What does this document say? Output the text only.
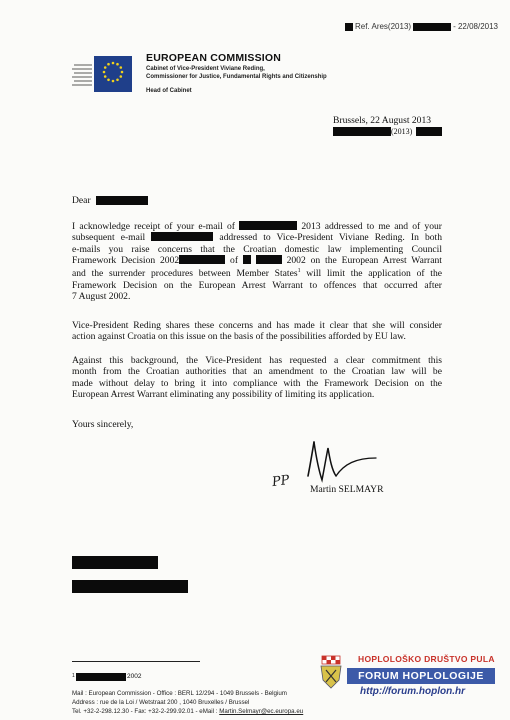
Ref. Ares(2013)	- 22/08/2013
EUROPEAN COMMISSION
Cabinet of Vice-President Viviane Reding,
Commissioner for Justice, Fundamental Rights and Citizenship
Head of Cabinet
Brussels, 22 August 2013
(2013)
Dear
I acknowledge receipt of your e-mail of	2013 addressed to me and of your
subsequent e-mail	addressed to Vice-President Viviane Reding. In both
e-mails you raise concerns that the Croatian domestic law implementing Council
Framework Decision 2002	of	2002 on the European Arrest Warrant
and the surrender procedures between Member States$^1$ will limit the application of the
Framework Decision on the European Arrest Warrant to offences that occurred after
7 August 2002.
Vice-President Reding shares these concerns and has made it clear that she will consider
action against Croatia on this issue on the basis of the possibilities afforded by EU law.
Against this background, the Vice-President has requested a clear commitment this
month from the Croatian authorities that an amendment to the Croatian law will be
made without delay to bring it into compliance with the Framework Decision on the
European Arrest Warrant eliminating any possibility of limiting its application.
Yours sincerely,
PP Martin SELMAYR
1	2002
Mail : European Commission - Office : BERL 12/294 - 1049 Brussels - Belgium
Address : rue de la Loi / Wetstraat 200 , 1040 Bruxelles / Brussel
Tel. +32-2-298.12.30 - Fax: +32-2-299.92.01 - eMail : Martin.Selmayr@ec.europa.eu
HOPLOLOŠKO DRUŠTVO PULA
FORUM HOPLOLOGIJE
http://forum.hoplon.hr
